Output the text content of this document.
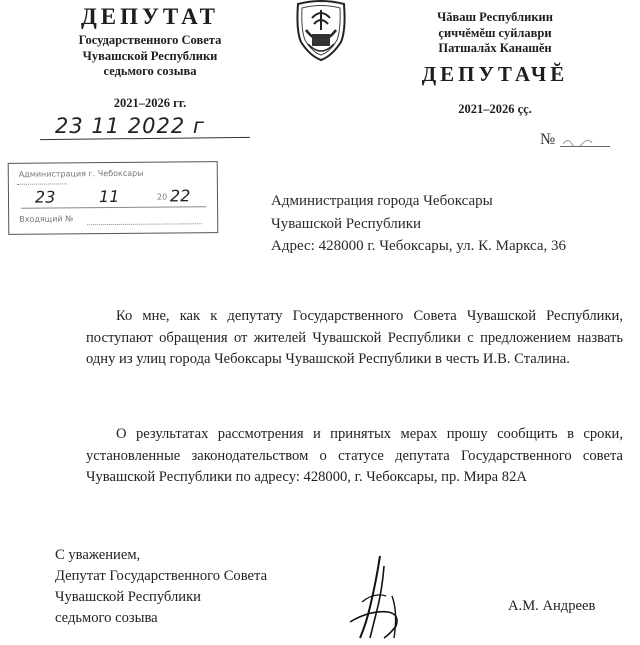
ДЕПУТАТ
Государственного Совета
Чувашской Республики
седьмого созыва
2021–2026 гг.
Чăваш Республикин
çиччĕмĕш суйлаври
Патшалăх Канашĕн
ДЕПУТАЧĔ
2021–2026 çç.
23 11 2022 г
№
Администрация г. Чебоксары
23	11	20 22
Входящий №
Администрация города Чебоксары
Чувашской Республики
Адрес: 428000 г. Чебоксары, ул. К. Маркса, 36
Ко мне, как к депутату Государственного Совета Чувашской Республики, поступают обращения от жителей Чувашской Республики с предложением назвать одну из улиц города Чебоксары Чувашской Республики в честь И.В. Сталина.
О результатах рассмотрения и принятых мерах прошу сообщить в сроки, установленные законодательством о статусе депутата Государственного совета Чувашской Республики по адресу: 428000, г. Чебоксары, пр. Мира 82А
С уважением,
Депутат Государственного Совета
Чувашской Республики
седьмого созыва
А.М. Андреев
